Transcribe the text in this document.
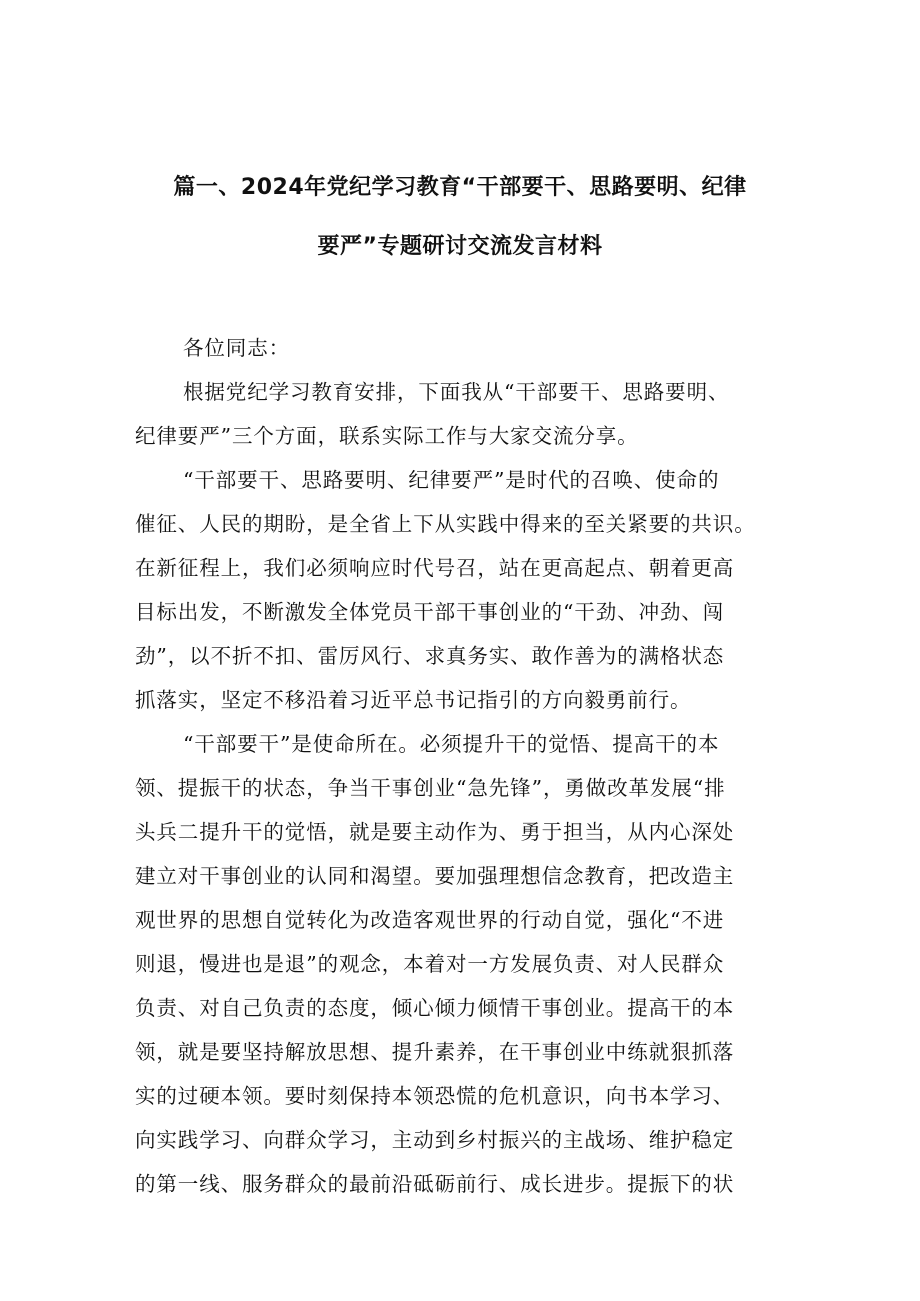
篇一、2024年党纪学习教育“干部要干、思路要明、纪律
要严”专题研讨交流发言材料
各位同志：
根据党纪学习教育安排，下面我从“干部要干、思路要明、
纪律要严”三个方面，联系实际工作与大家交流分享。
“干部要干、思路要明、纪律要严”是时代的召唤、使命的
催征、人民的期盼，是全省上下从实践中得来的至关紧要的共识。
在新征程上，我们必须响应时代号召，站在更高起点、朝着更高
目标出发，不断激发全体党员干部干事创业的“干劲、冲劲、闯
劲”，以不折不扣、雷厉风行、求真务实、敢作善为的满格状态
抓落实，坚定不移沿着习近平总书记指引的方向毅勇前行。
“干部要干”是使命所在。必须提升干的觉悟、提高干的本
领、提振干的状态，争当干事创业“急先锋”，勇做改革发展“排
头兵二提升干的觉悟，就是要主动作为、勇于担当，从内心深处
建立对干事创业的认同和渴望。要加强理想信念教育，把改造主
观世界的思想自觉转化为改造客观世界的行动自觉，强化“不进
则退，慢进也是退”的观念，本着对一方发展负责、对人民群众
负责、对自己负责的态度，倾心倾力倾情干事创业。提高干的本
领，就是要坚持解放思想、提升素养，在干事创业中练就狠抓落
实的过硬本领。要时刻保持本领恐慌的危机意识，向书本学习、
向实践学习、向群众学习，主动到乡村振兴的主战场、维护稳定
的第一线、服务群众的最前沿砥砺前行、成长进步。提振下的状
